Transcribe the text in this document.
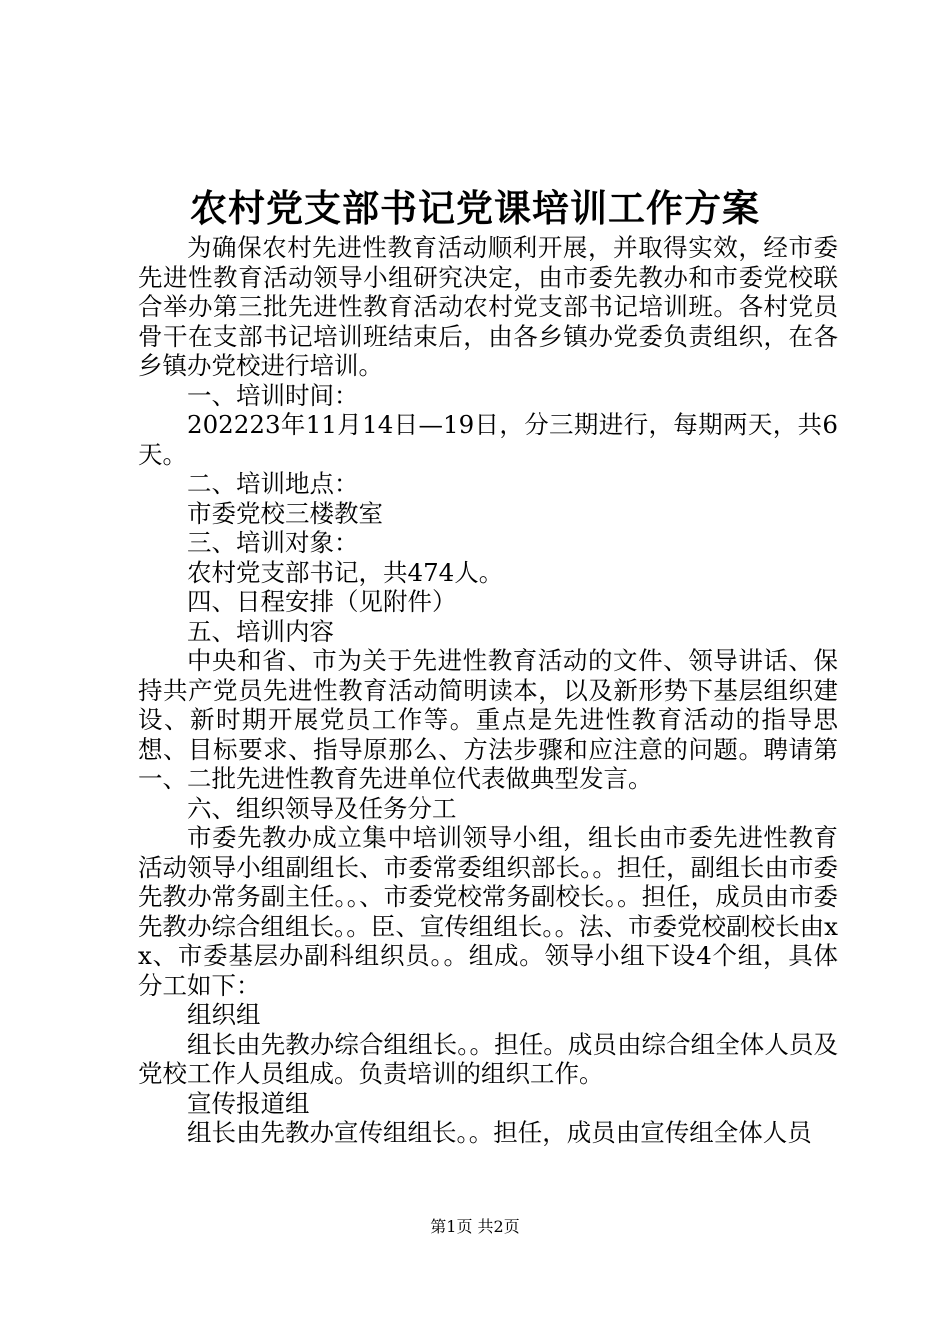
农村党支部书记党课培训工作方案

为确保农村先进性教育活动顺利开展，并取得实效，经市委先进性教育活动领导小组研究决定，由市委先教办和市委党校联合举办第三批先进性教育活动农村党支部书记培训班。各村党员骨干在支部书记培训班结束后，由各乡镇办党委负责组织，在各乡镇办党校进行培训。

一、培训时间：

202223年11月14日—19日，分三期进行，每期两天，共6天。

二、培训地点：

市委党校三楼教室

三、培训对象：

农村党支部书记，共474人。

四、日程安排（见附件）

五、培训内容

中央和省、市为关于先进性教育活动的文件、领导讲话、保持共产党员先进性教育活动简明读本，以及新形势下基层组织建设、新时期开展党员工作等。重点是先进性教育活动的指导思想、目标要求、指导原那么、方法步骤和应注意的问题。聘请第一、二批先进性教育先进单位代表做典型发言。

六、组织领导及任务分工

市委先教办成立集中培训领导小组，组长由市委先进性教育活动领导小组副组长、市委常委组织部长。。担任，副组长由市委先教办常务副主任。。、市委党校常务副校长。。担任，成员由市委先教办综合组组长。。臣、宣传组组长。。法、市委党校副校长由xx、市委基层办副科组织员。。组成。领导小组下设4个组，具体分工如下：

组织组

组长由先教办综合组组长。。担任。成员由综合组全体人员及党校工作人员组成。负责培训的组织工作。

宣传报道组

组长由先教办宣传组组长。。担任，成员由宣传组全体人员

第1页 共2页
